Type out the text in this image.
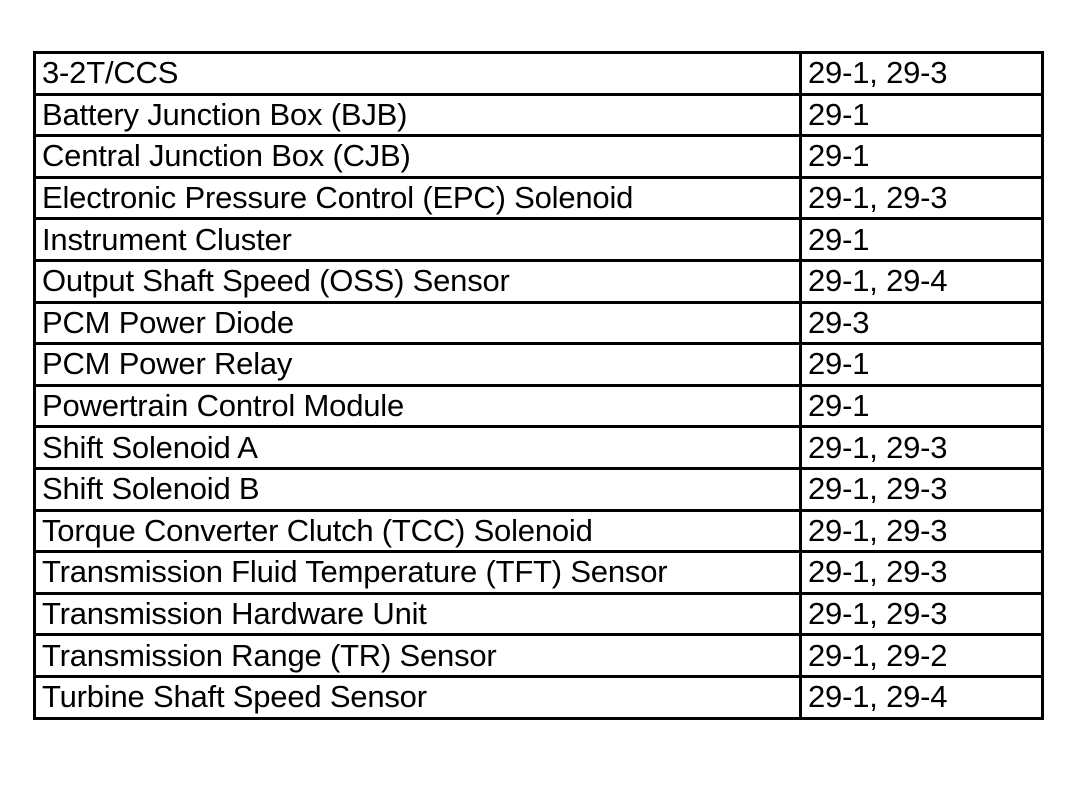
3-2T/CCS	29-1, 29-3
Battery Junction Box (BJB)	29-1
Central Junction Box (CJB)	29-1
Electronic Pressure Control (EPC) Solenoid	29-1, 29-3
Instrument Cluster	29-1
Output Shaft Speed (OSS) Sensor	29-1, 29-4
PCM Power Diode	29-3
PCM Power Relay	29-1
Powertrain Control Module	29-1
Shift Solenoid A	29-1, 29-3
Shift Solenoid B	29-1, 29-3
Torque Converter Clutch (TCC) Solenoid	29-1, 29-3
Transmission Fluid Temperature (TFT) Sensor	29-1, 29-3
Transmission Hardware Unit	29-1, 29-3
Transmission Range (TR) Sensor	29-1, 29-2
Turbine Shaft Speed Sensor	29-1, 29-4
